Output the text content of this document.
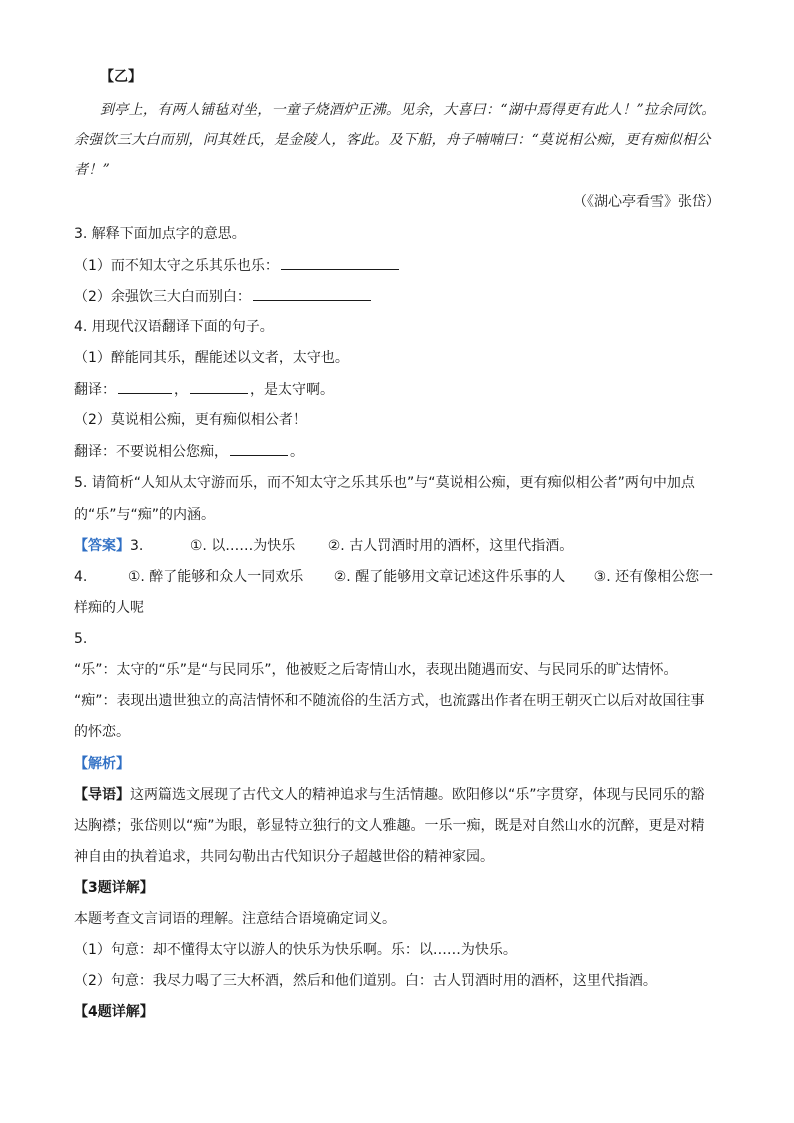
【乙】
到亭上，有两人铺毡对坐，一童子烧酒炉正沸。见余，大喜曰：“湖中焉得更有此人！”拉余同饮。
余强饮三大白而别，问其姓氏，是金陵人，客此。及下船，舟子喃喃曰：“莫说相公痴，更有痴似相公
者！”
（《湖心亭看雪》张岱）
3. 解释下面加点字的意思。
（1）而不知太守之乐其乐也乐：
（2）余强饮三大白而别白：
4. 用现代汉语翻译下面的句子。
（1）醉能同其乐，醒能述以文者，太守也。
翻译：	，	，是太守啊。
（2）莫说相公痴，更有痴似相公者！
翻译：不要说相公您痴，	。
5. 请简析“人知从太守游而乐，而不知太守之乐其乐也”与“莫说相公痴，更有痴似相公者”两句中加点
的“乐”与“痴”的内涵。
【答案】3.	①. 以……为快乐 ②. 古人罚酒时用的酒杯，这里代指酒。
4.	①. 醉了能够和众人一同欢乐 ②. 醒了能够用文章记述这件乐事的人 ③. 还有像相公您一
样痴的人呢
5.
“乐”：太守的“乐”是“与民同乐”，他被贬之后寄情山水，表现出随遇而安、与民同乐的旷达情怀。
“痴”：表现出遗世独立的高洁情怀和不随流俗的生活方式，也流露出作者在明王朝灭亡以后对故国往事
的怀恋。
【解析】
【导语】这两篇选文展现了古代文人的精神追求与生活情趣。欧阳修以“乐”字贯穿，体现与民同乐的豁
达胸襟；张岱则以“痴”为眼，彰显特立独行的文人雅趣。一乐一痴，既是对自然山水的沉醉，更是对精
神自由的执着追求，共同勾勒出古代知识分子超越世俗的精神家园。
【3题详解】
本题考查文言词语的理解。注意结合语境确定词义。
（1）句意：却不懂得太守以游人的快乐为快乐啊。乐：以……为快乐。
（2）句意：我尽力喝了三大杯酒，然后和他们道别。白：古人罚酒时用的酒杯，这里代指酒。
【4题详解】
